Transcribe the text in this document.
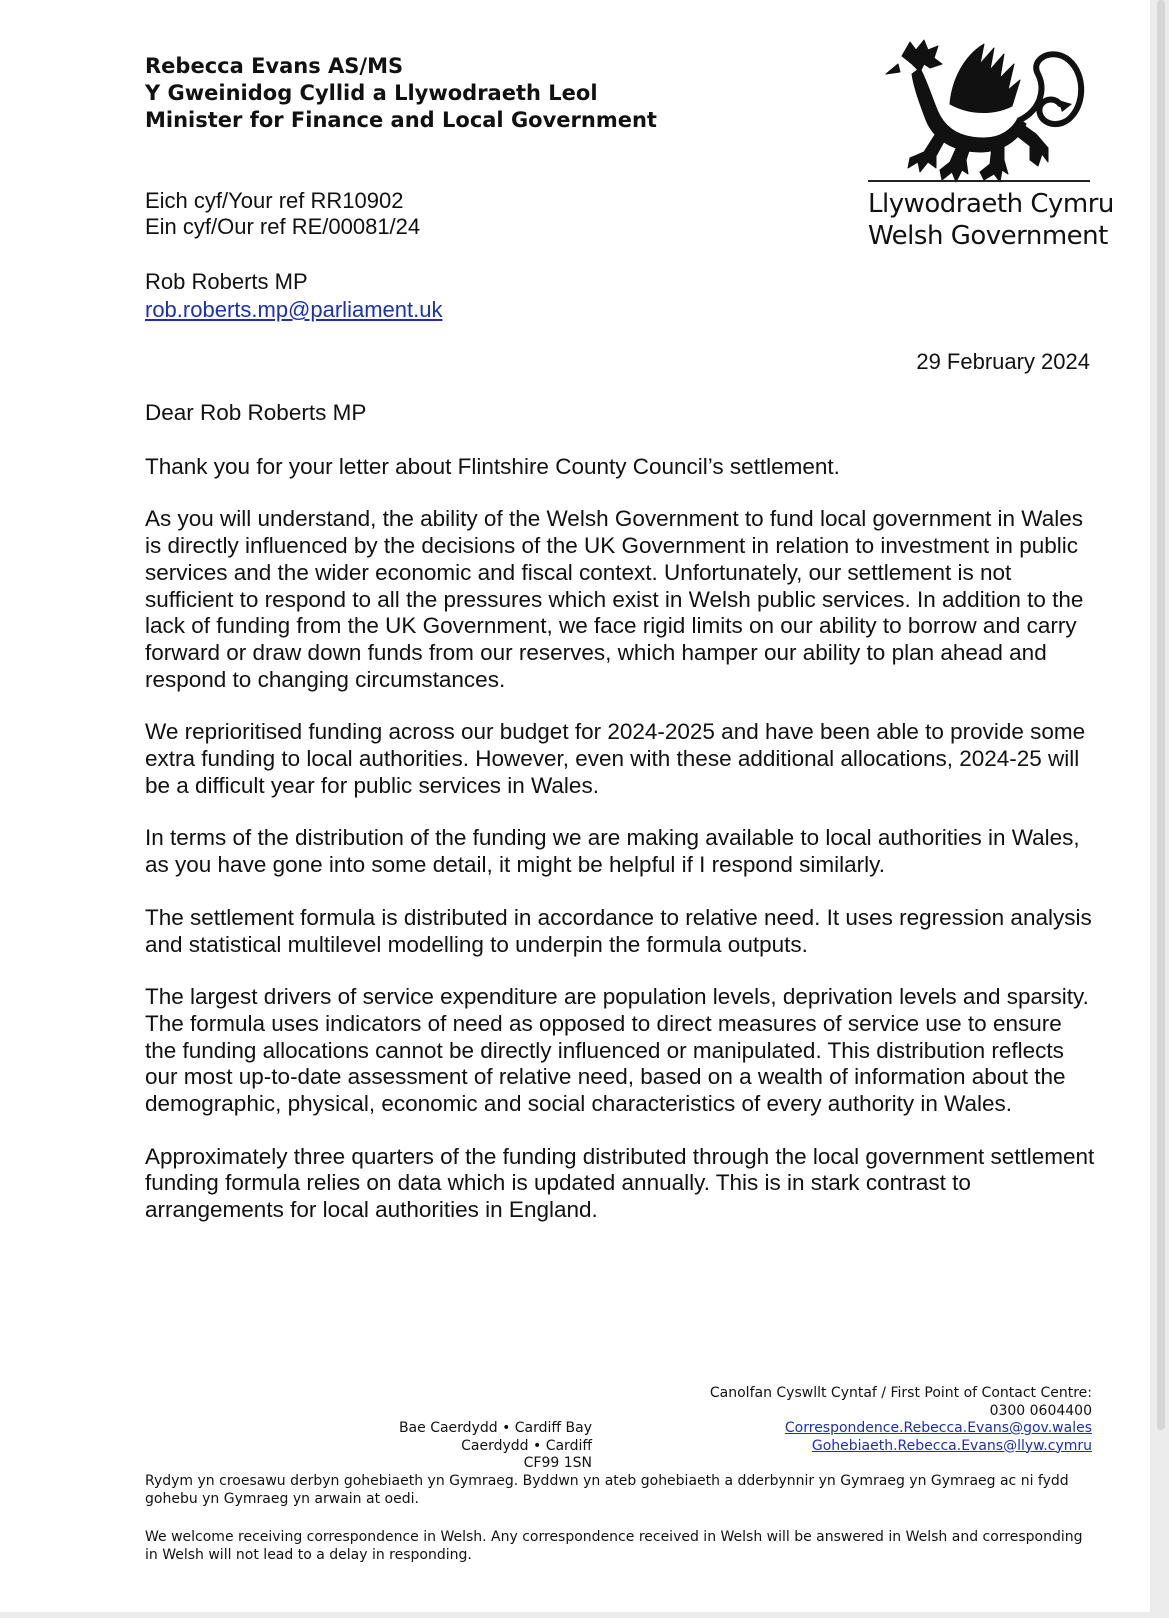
Rebecca Evans AS/MS
Y Gweinidog Cyllid a Llywodraeth Leol
Minister for Finance and Local Government
Llywodraeth Cymru
Welsh Government
Eich cyf/Your ref RR10902
Ein cyf/Our ref RE/00081/24
Rob Roberts MP
rob.roberts.mp@parliament.uk
29 February 2024

Dear Rob Roberts MP

Thank you for your letter about Flintshire County Council’s settlement.

As you will understand, the ability of the Welsh Government to fund local government in Wales is directly influenced by the decisions of the UK Government in relation to investment in public services and the wider economic and fiscal context. Unfortunately, our settlement is not sufficient to respond to all the pressures which exist in Welsh public services. In addition to the lack of funding from the UK Government, we face rigid limits on our ability to borrow and carry forward or draw down funds from our reserves, which hamper our ability to plan ahead and respond to changing circumstances.

We reprioritised funding across our budget for 2024-2025 and have been able to provide some extra funding to local authorities. However, even with these additional allocations, 2024-25 will be a difficult year for public services in Wales.

In terms of the distribution of the funding we are making available to local authorities in Wales, as you have gone into some detail, it might be helpful if I respond similarly.

The settlement formula is distributed in accordance to relative need. It uses regression analysis and statistical multilevel modelling to underpin the formula outputs.

The largest drivers of service expenditure are population levels, deprivation levels and sparsity. The formula uses indicators of need as opposed to direct measures of service use to ensure the funding allocations cannot be directly influenced or manipulated. This distribution reflects our most up-to-date assessment of relative need, based on a wealth of information about the demographic, physical, economic and social characteristics of every authority in Wales.

Approximately three quarters of the funding distributed through the local government settlement funding formula relies on data which is updated annually. This is in stark contrast to arrangements for local authorities in England.

Canolfan Cyswllt Cyntaf / First Point of Contact Centre:
0300 0604400
Correspondence.Rebecca.Evans@gov.wales
Gohebiaeth.Rebecca.Evans@llyw.cymru
Bae Caerdydd • Cardiff Bay
Caerdydd • Cardiff
CF99 1SN
Rydym yn croesawu derbyn gohebiaeth yn Gymraeg. Byddwn yn ateb gohebiaeth a dderbynnir yn Gymraeg yn Gymraeg ac ni fydd gohebu yn Gymraeg yn arwain at oedi.
We welcome receiving correspondence in Welsh. Any correspondence received in Welsh will be answered in Welsh and corresponding in Welsh will not lead to a delay in responding.
